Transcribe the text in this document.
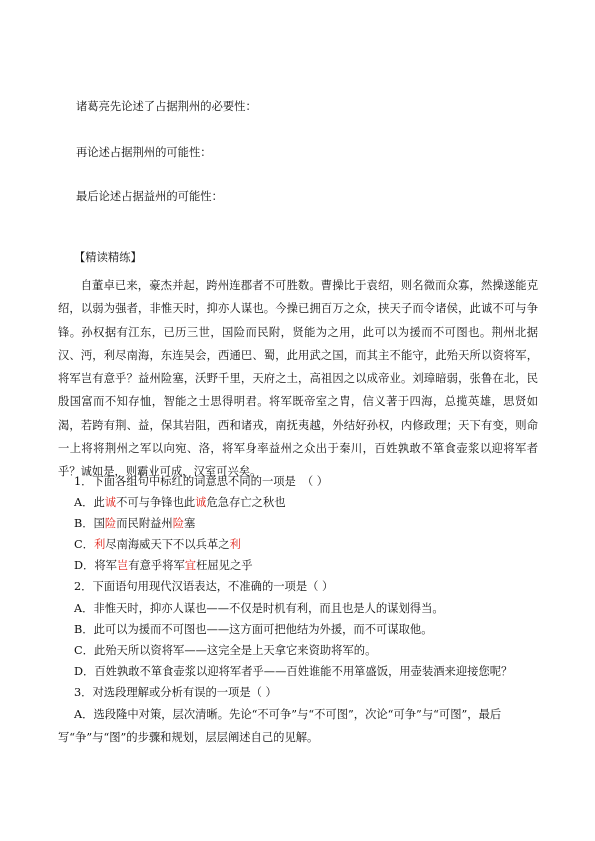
诸葛亮先论述了占据荆州的必要性：
再论述占据荆州的可能性：
最后论述占据益州的可能性：
【精读精练】
自董卓已来，豪杰并起，跨州连郡者不可胜数。曹操比于袁绍，则名微而众寡，然操遂能克绍，以弱为强者，非惟天时，抑亦人谋也。今操已拥百万之众，挟天子而令诸侯，此诚不可与争锋。孙权据有江东，已历三世，国险而民附，贤能为之用，此可以为援而不可图也。荆州北据汉、沔，利尽南海，东连吴会，西通巴、蜀，此用武之国，而其主不能守，此殆天所以资将军，将军岂有意乎？益州险塞，沃野千里，天府之土，高祖因之以成帝业。刘璋暗弱，张鲁在北，民殷国富而不知存恤，智能之士思得明君。将军既帝室之胄，信义著于四海，总揽英雄，思贤如渴，若跨有荆、益，保其岩阻，西和诸戎，南抚夷越，外结好孙权，内修政理；天下有变，则命一上将将荆州之军以向宛、洛，将军身率益州之众出于秦川，百姓孰敢不箪食壶浆以迎将军者乎？诚如是，则霸业可成，汉室可兴矣。
1．下面各组句中标红的词意思不同的一项是 （ ）
A．此诚不可与争锋也此诚危急存亡之秋也
B．国险而民附益州险塞
C．利尽南海威天下不以兵革之利
D．将军岂有意乎将军宜枉屈见之乎
2．下面语句用现代汉语表达，不准确的一项是（ ）
A．非惟天时，抑亦人谋也——不仅是时机有利，而且也是人的谋划得当。
B．此可以为援而不可图也——这方面可把他结为外援，而不可谋取他。
C．此殆天所以资将军——这完全是上天拿它来资助将军的。
D．百姓孰敢不箪食壶浆以迎将军者乎——百姓谁能不用箪盛饭，用壶装酒来迎接您呢？
3．对选段理解或分析有误的一项是（ ）
A．选段隆中对策，层次清晰。先论“不可争”与“不可图”，次论“可争”与“可图”，最后写“争”与“图”的步骤和规划，层层阐述自己的见解。
